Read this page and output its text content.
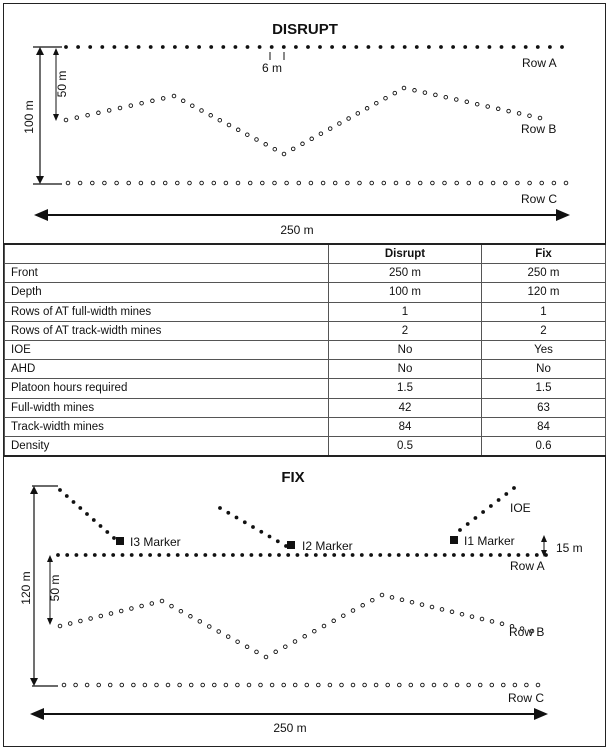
DISRUPT
6 m
50 m
100 m
Row A
Row B
Row C
250 m
	Disrupt	Fix
Front	250 m	250 m
Depth	100 m	120 m
Rows of AT full-width mines	1	1
Rows of AT track-width mines	2	2
IOE	No	Yes
AHD	No	No
Platoon hours required	1.5	1.5
Full-width mines	42	63
Track-width mines	84	84
Density	0.5	0.6
FIX
I3 Marker	I2 Marker	I1 Marker
IOE
15 m
120 m 50 m
Row A
Row B
Row C
250 m
